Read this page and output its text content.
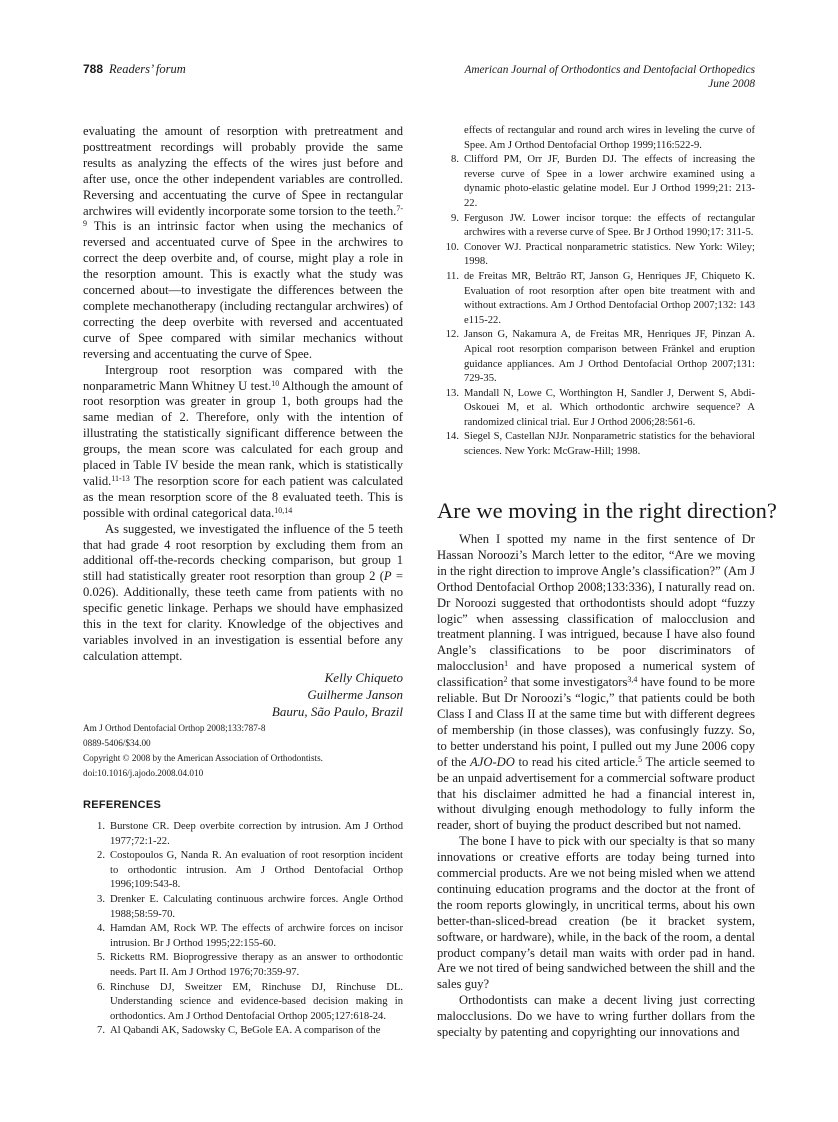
788 Readers’ forum	American Journal of Orthodontics and Dentofacial Orthopedics
June 2008

evaluating the amount of resorption with pretreatment and posttreatment recordings will probably provide the same results as analyzing the effects of the wires just before and after use, once the other independent variables are controlled. Reversing and accentuating the curve of Spee in rectangular archwires will evidently incorporate some torsion to the teeth.$^{7-9}$ This is an intrinsic factor when using the mechanics of reversed and accentuated curve of Spee in the archwires to correct the deep overbite and, of course, might play a role in the resorption amount. This is exactly what the study was concerned about—to investigate the differences between the complete mechanotherapy (including rectangular archwires) of correcting the deep overbite with reversed and accentuated curve of Spee compared with similar mechanics without reversing and accentuating the curve of Spee.

Intergroup root resorption was compared with the nonparametric Mann Whitney U test.$^{10}$ Although the amount of root resorption was greater in group 1, both groups had the same median of 2. Therefore, only with the intention of illustrating the statistically significant difference between the groups, the mean score was calculated for each group and placed in Table IV beside the mean rank, which is statistically valid.$^{11-13}$ The resorption score for each patient was calculated as the mean resorption score of the 8 evaluated teeth. This is possible with ordinal categorical data.$^{10,14}$

As suggested, we investigated the influence of the 5 teeth that had grade 4 root resorption by excluding them from an additional off-the-records checking comparison, but group 1 still had statistically greater root resorption than group 2 (P = 0.026). Additionally, these teeth came from patients with no specific genetic linkage. Perhaps we should have emphasized this in the text for clarity. Knowledge of the objectives and variables involved in an investigation is essential before any calculation attempt.

Kelly Chiqueto
Guilherme Janson
Bauru, São Paulo, Brazil
Am J Orthod Dentofacial Orthop 2008;133:787-8
0889-5406/$34.00
Copyright © 2008 by the American Association of Orthodontists.
doi:10.1016/j.ajodo.2008.04.010
REFERENCES
1. Burstone CR. Deep overbite correction by intrusion. Am J Orthod 1977;72:1-22.
2. Costopoulos G, Nanda R. An evaluation of root resorption incident to orthodontic intrusion. Am J Orthod Dentofacial Orthop 1996;109:543-8.
3. Drenker E. Calculating continuous archwire forces. Angle Orthod 1988;58:59-70.
4. Hamdan AM, Rock WP. The effects of archwire forces on incisor intrusion. Br J Orthod 1995;22:155-60.
5. Ricketts RM. Bioprogressive therapy as an answer to orthodontic needs. Part II. Am J Orthod 1976;70:359-97.
6. Rinchuse DJ, Sweitzer EM, Rinchuse DJ, Rinchuse DL. Understanding science and evidence-based decision making in orthodontics. Am J Orthod Dentofacial Orthop 2005;127:618-24.
7. Al Qabandi AK, Sadowsky C, BeGole EA. A comparison of the
effects of rectangular and round arch wires in leveling the curve of Spee. Am J Orthod Dentofacial Orthop 1999;116:522-9.
8. Clifford PM, Orr JF, Burden DJ. The effects of increasing the reverse curve of Spee in a lower archwire examined using a dynamic photo-elastic gelatine model. Eur J Orthod 1999;21: 213-22.
9. Ferguson JW. Lower incisor torque: the effects of rectangular archwires with a reverse curve of Spee. Br J Orthod 1990;17: 311-5.
10. Conover WJ. Practical nonparametric statistics. New York: Wiley; 1998.
11. de Freitas MR, Beltrão RT, Janson G, Henriques JF, Chiqueto K. Evaluation of root resorption after open bite treatment with and without extractions. Am J Orthod Dentofacial Orthop 2007;132: 143 e115-22.
12. Janson G, Nakamura A, de Freitas MR, Henriques JF, Pinzan A. Apical root resorption comparison between Fränkel and eruption guidance appliances. Am J Orthod Dentofacial Orthop 2007;131: 729-35.
13. Mandall N, Lowe C, Worthington H, Sandler J, Derwent S, Abdi-Oskouei M, et al. Which orthodontic archwire sequence? A randomized clinical trial. Eur J Orthod 2006;28:561-6.
14. Siegel S, Castellan NJJr. Nonparametric statistics for the behavioral sciences. New York: McGraw-Hill; 1998.
Are we moving in the right direction?

When I spotted my name in the first sentence of Dr Hassan Noroozi’s March letter to the editor, “Are we moving in the right direction to improve Angle’s classification?” (Am J Orthod Dentofacial Orthop 2008;133:336), I naturally read on. Dr Noroozi suggested that orthodontists should adopt “fuzzy logic” when assessing classification of malocclusion and treatment planning. I was intrigued, because I have also found Angle’s classifications to be poor discriminators of malocclusion$^1$ and have proposed a numerical system of classification$^2$ that some investigators$^{3,4}$ have found to be more reliable. But Dr Noroozi’s “logic,” that patients could be both Class I and Class II at the same time but with different degrees of membership (in those classes), was confusingly fuzzy. So, to better understand his point, I pulled out my June 2006 copy of the AJO-DO to read his cited article.$^5$ The article seemed to be an unpaid advertisement for a commercial software product that his disclaimer admitted he had a financial interest in, without divulging enough methodology to fully inform the reader, short of buying the product described but not named.

The bone I have to pick with our specialty is that so many innovations or creative efforts are today being turned into commercial products. Are we not being misled when we attend continuing education programs and the doctor at the front of the room reports glowingly, in uncritical terms, about his own better-than-sliced-bread creation (be it bracket system, software, or hardware), while, in the back of the room, a dental product company’s detail man waits with order pad in hand. Are we not tired of being sandwiched between the shill and the sales guy?

Orthodontists can make a decent living just correcting malocclusions. Do we have to wring further dollars from the specialty by patenting and copyrighting our innovations and
